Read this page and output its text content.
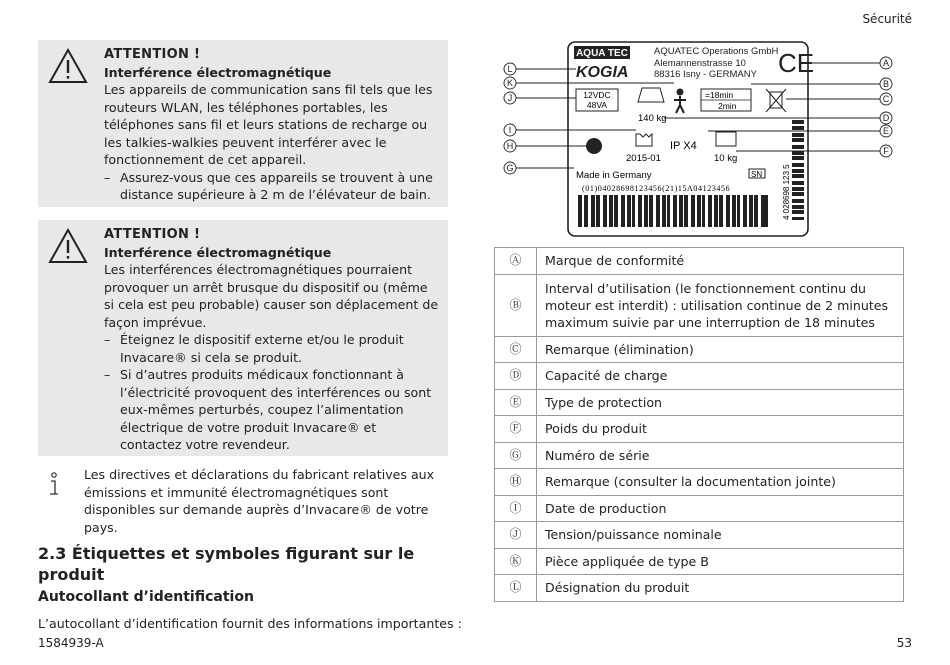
Sécurité
ATTENTION !
Interférence électromagnétique
Les appareils de communication sans fil tels que les routeurs WLAN, les téléphones portables, les téléphones sans fil et leurs stations de recharge ou les talkies-walkies peuvent interférer avec le fonctionnement de cet appareil.
– Assurez-vous que ces appareils se trouvent à une distance supérieure à 2 m de l’élévateur de bain.
ATTENTION !
Interférence électromagnétique
Les interférences électromagnétiques pourraient provoquer un arrêt brusque du dispositif ou (même si cela est peu probable) causer son déplacement de façon imprévue.
– Éteignez le dispositif externe et/ou le produit Invacare® si cela se produit.
– Si d’autres produits médicaux fonctionnant à l’électricité provoquent des interférences ou sont eux-mêmes perturbés, coupez l’alimentation électrique de votre produit Invacare® et contactez votre revendeur.
Les directives et déclarations du fabricant relatives aux émissions et immunité électromagnétiques sont disponibles sur demande auprès d’Invacare® de votre pays.
2.3 Étiquettes et symboles figurant sur le produit
Autocollant d’identification
L’autocollant d’identification fournit des informations importantes :
AQUA TEC
KOGIA
AQUATEC Operations GmbH
Alemannenstrasse 10
88316 Isny - GERMANY CE
12VDC
48VA
140 kg
=18min
2min
2015-01
IP X4
10 kg
SN
Made in Germany
(01)04028698123456(21)15A04123456	4 028698 123 5
L
K
J
I
H
G
A
B
C
D
E
F
Ⓐ	Marque de conformité
Ⓑ	Interval d’utilisation (le fonctionnement continu du moteur est interdit) : utilisation continue de 2 minutes maximum suivie par une interruption de 18 minutes
Ⓒ	Remarque (élimination)
Ⓓ	Capacité de charge
Ⓔ	Type de protection
Ⓕ	Poids du produit
Ⓖ	Numéro de série
Ⓗ	Remarque (consulter la documentation jointe)
Ⓘ	Date de production
Ⓙ	Tension/puissance nominale
Ⓚ	Pièce appliquée de type B
Ⓛ	Désignation du produit
1584939-A	53
